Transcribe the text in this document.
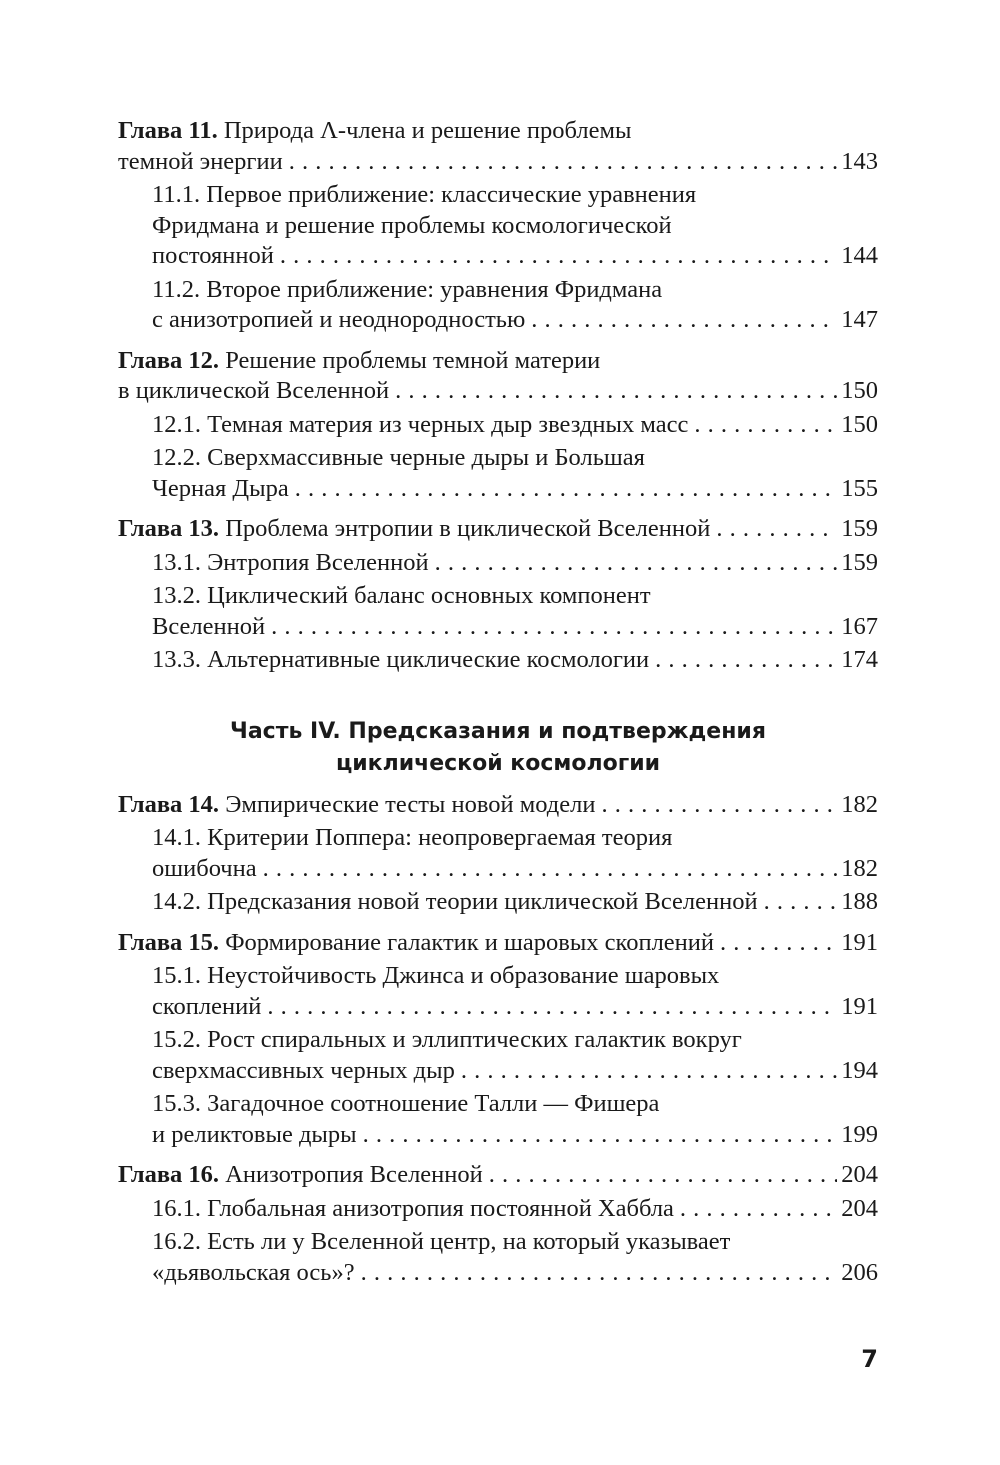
Глава 11. Природа Λ-члена и решение проблемы
темной энергии . . .	143
11.1. Первое приближение: классические уравнения
Фридмана и решение проблемы космологической
постоянной . . .	144
11.2. Второе приближение: уравнения Фридмана
с анизотропией и неоднородностью . . .	147
Глава 12. Решение проблемы темной материи
в циклической Вселенной . . .	150
12.1. Темная материя из черных дыр звездных масс . . .	150
12.2. Сверхмассивные черные дыры и Большая
Черная Дыра . . .	155
Глава 13. Проблема энтропии в циклической Вселенной . . .	159
13.1. Энтропия Вселенной . . .	159
13.2. Циклический баланс основных компонент
Вселенной . . .	167
13.3. Альтернативные циклические космологии . . .	174
Часть IV. Предсказания и подтверждения
циклической космологии
Глава 14. Эмпирические тесты новой модели . . .	182
14.1. Критерии Поппера: неопровергаемая теория
ошибочна . . .	182
14.2. Предсказания новой теории циклической Вселенной . . .	188
Глава 15. Формирование галактик и шаровых скоплений . . .	191
15.1. Неустойчивость Джинса и образование шаровых
скоплений . . .	191
15.2. Рост спиральных и эллиптических галактик вокруг
сверхмассивных черных дыр . . .	194
15.3. Загадочное соотношение Талли — Фишера
и реликтовые дыры . . .	199
Глава 16. Анизотропия Вселенной . . .	204
16.1. Глобальная анизотропия постоянной Хаббла . . .	204
16.2. Есть ли у Вселенной центр, на который указывает
«дьявольская ось»? . . .	206
7
